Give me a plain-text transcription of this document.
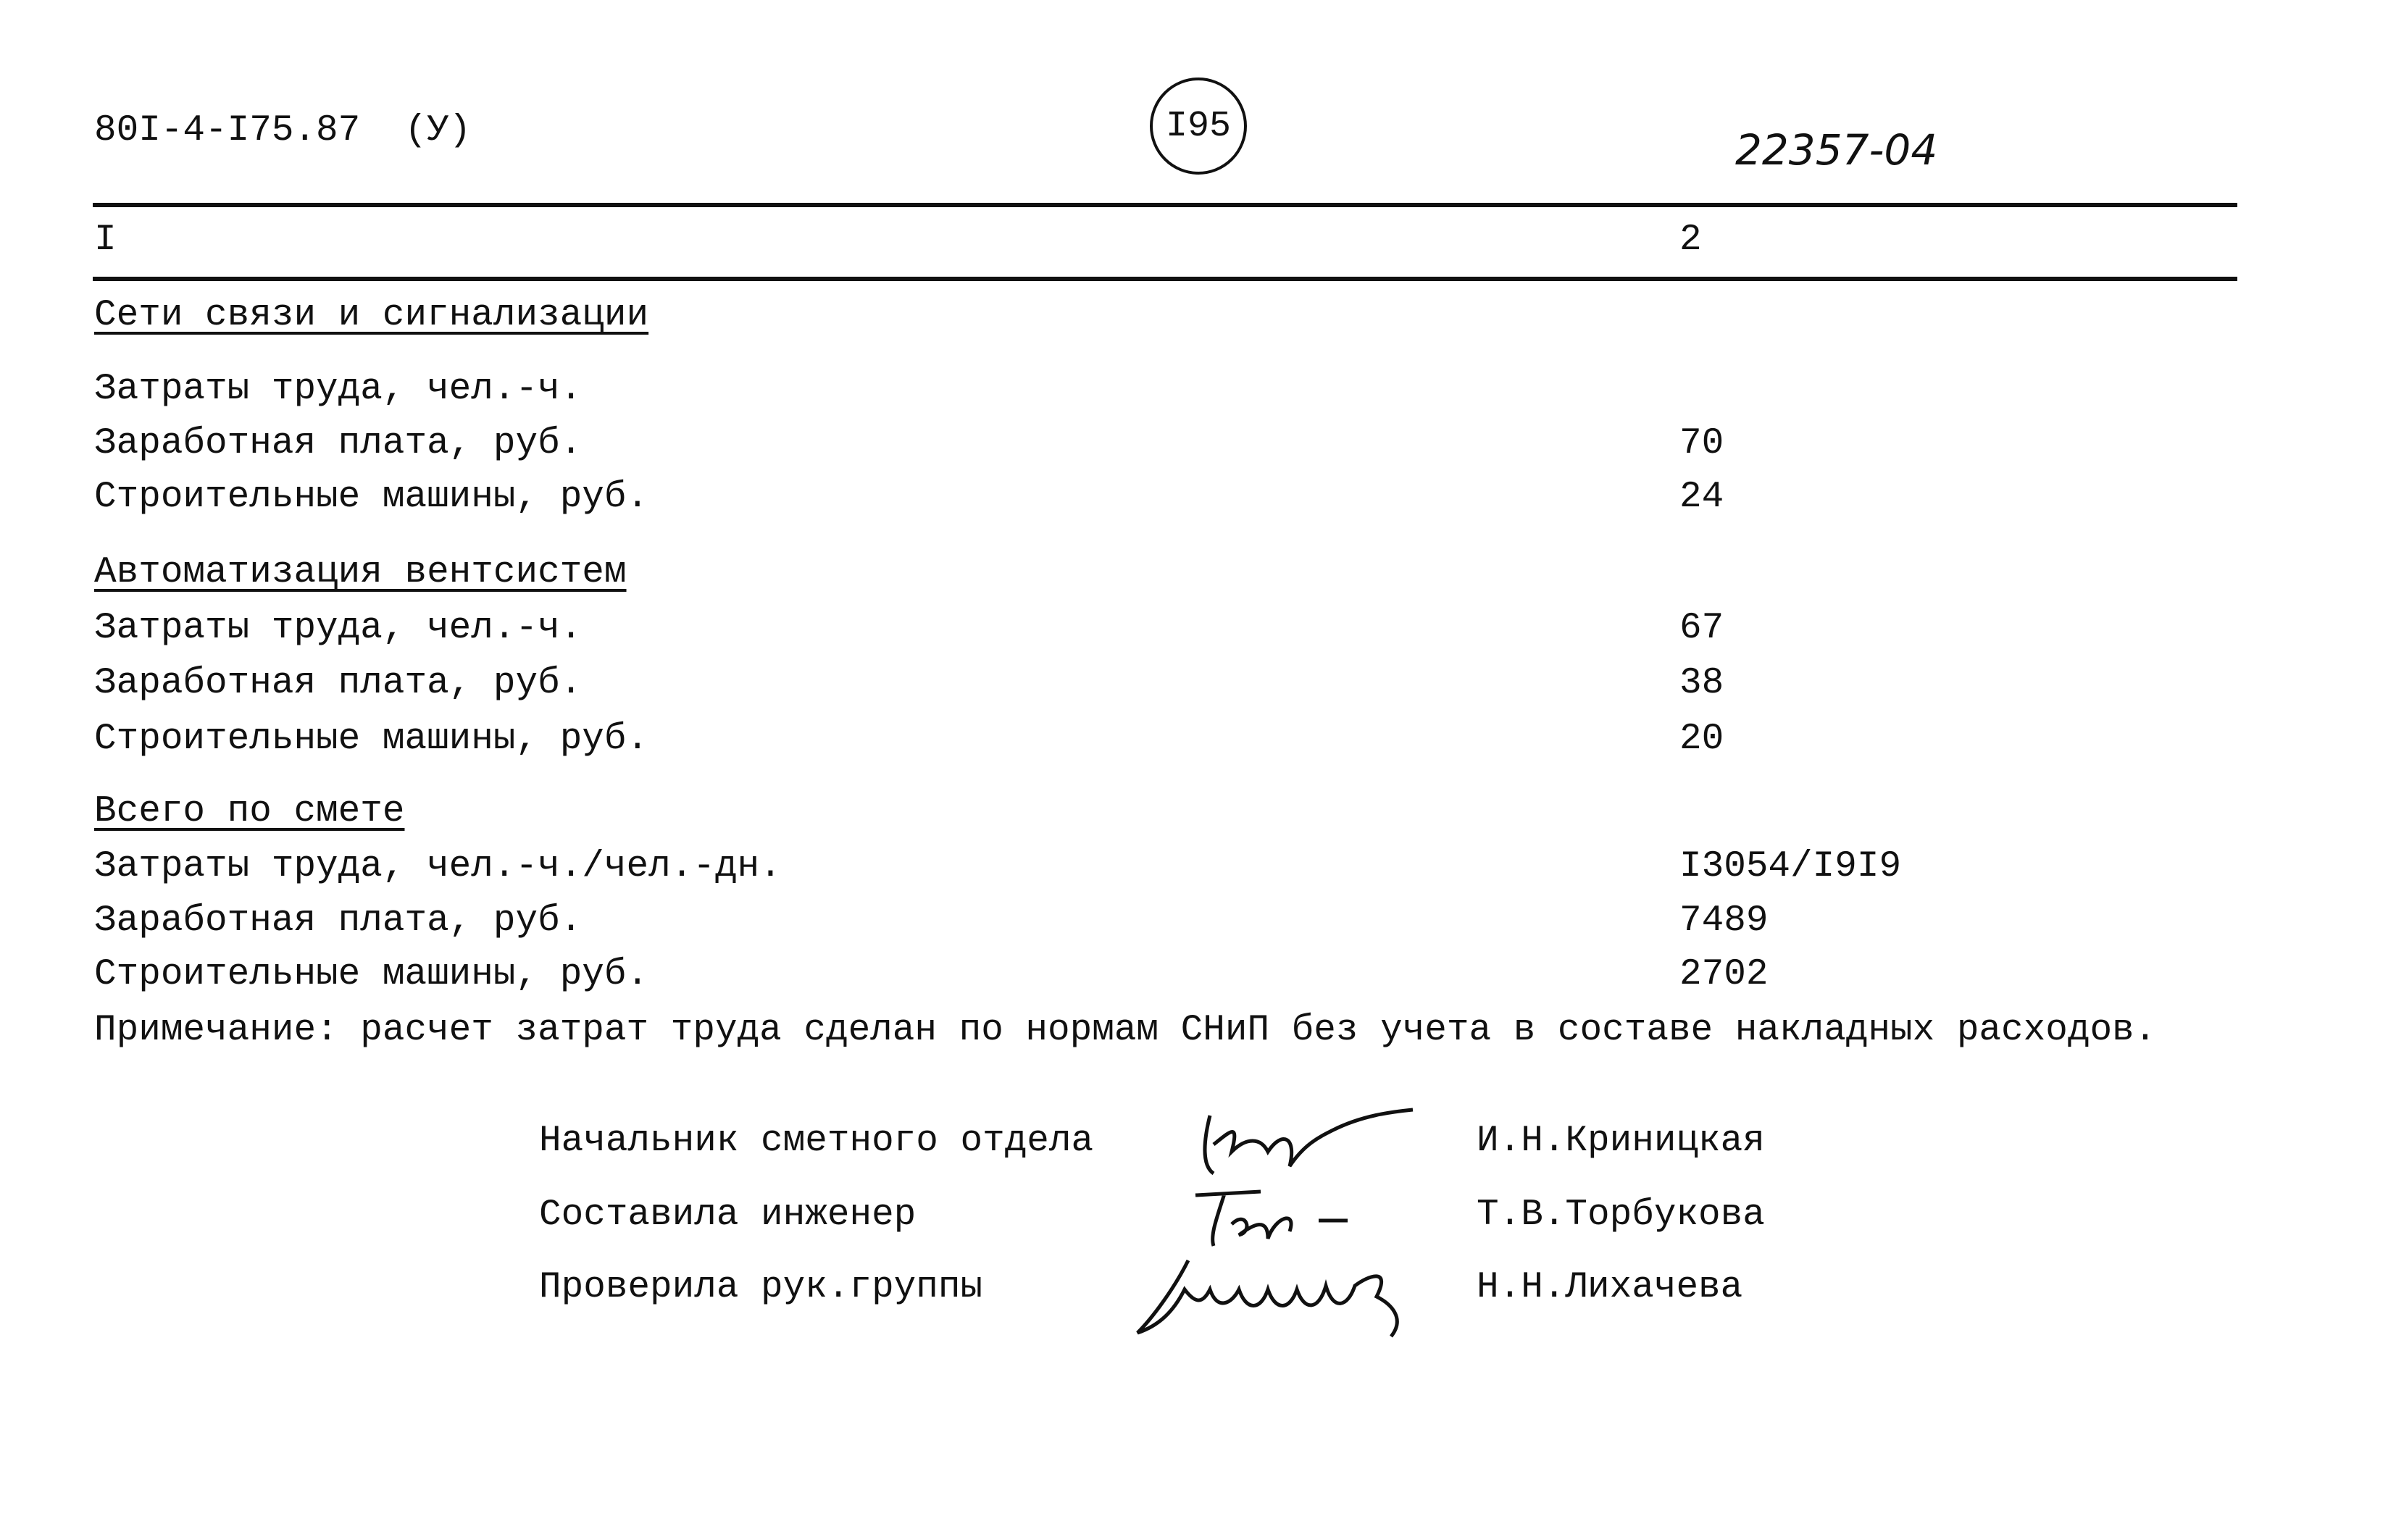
80I-4-I75.87  (У)	I95	22357-04
I	2
Сети связи и сигнализации
Затраты труда, чел.-ч.
Заработная плата, руб.	70
Строительные машины, руб.	24
Автоматизация вентсистем
Затраты труда, чел.-ч.	67
Заработная плата, руб.	38
Строительные машины, руб.	20
Всего по смете
Затраты труда, чел.-ч./чел.-дн.	I3054/I9I9
Заработная плата, руб.	7489
Строительные машины, руб.	2702
Примечание: расчет затрат труда сделан по нормам СНиП без учета в составе накладных расходов.
Начальник сметного отдела	И.Н.Криницкая
Составила инженер	Т.В.Торбукова
Проверила рук.группы	Н.Н.Лихачева
